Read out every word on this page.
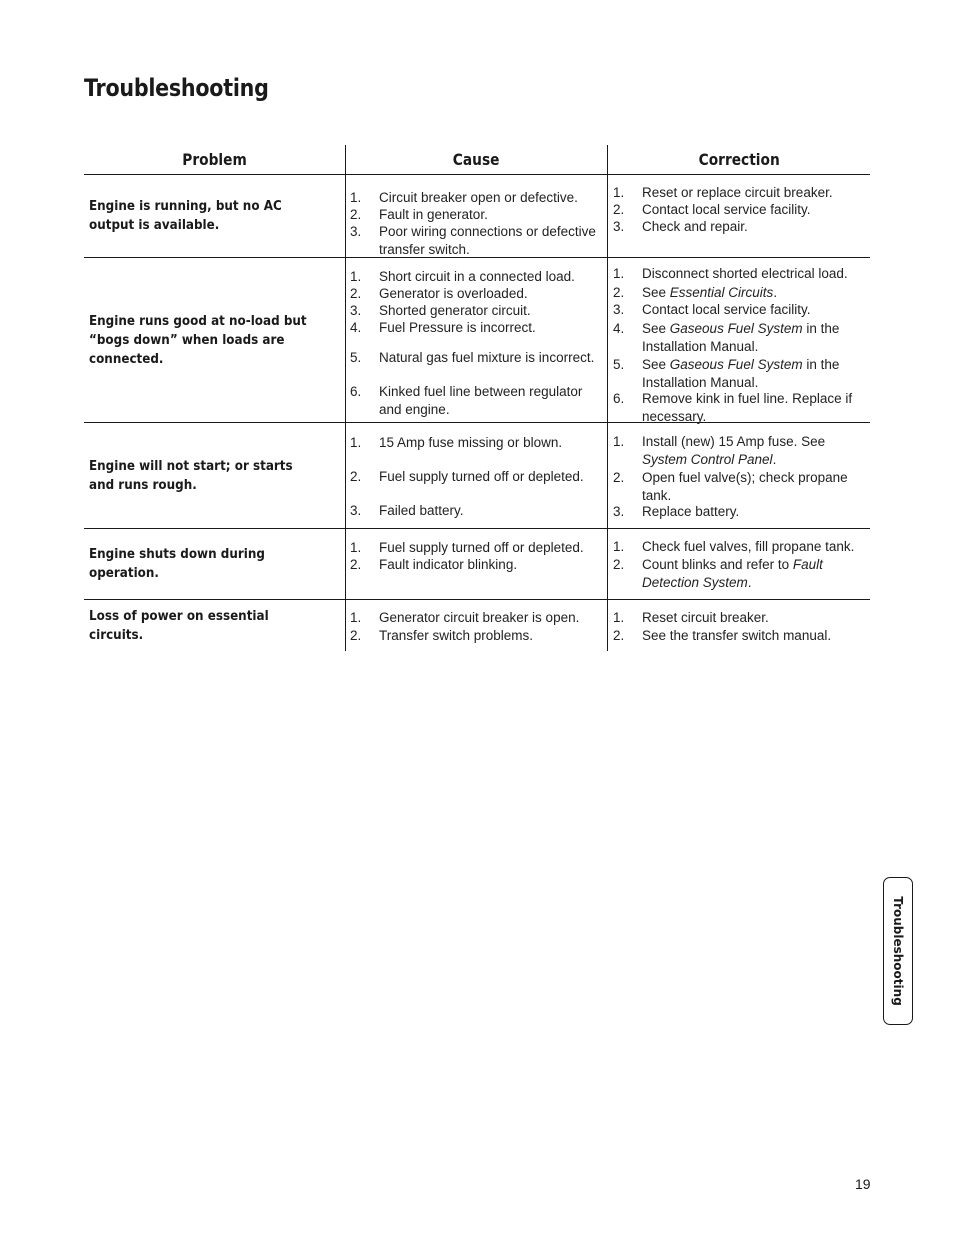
Troubleshooting
Problem	Cause	Correction
Engine is running, but no AC output is available.
1. Circuit breaker open or defective.
2. Fault in generator.
3. Poor wiring connections or defective transfer switch.
1. Reset or replace circuit breaker.
2. Contact local service facility.
3. Check and repair.
Engine runs good at no-load but “bogs down” when loads are connected.
1. Short circuit in a connected load.
2. Generator is overloaded.
3. Shorted generator circuit.
4. Fuel Pressure is incorrect.
5. Natural gas fuel mixture is incorrect.
6. Kinked fuel line between regulator and engine.
1. Disconnect shorted electrical load.
2. See Essential Circuits.
3. Contact local service facility.
4. See Gaseous Fuel System in the Installation Manual.
5. See Gaseous Fuel System in the Installation Manual.
6. Remove kink in fuel line. Replace if necessary.
Engine will not start; or starts and runs rough.
1. 15 Amp fuse missing or blown.
2. Fuel supply turned off or depleted.
3. Failed battery.
1. Install (new) 15 Amp fuse. See System Control Panel.
2. Open fuel valve(s); check propane tank.
3. Replace battery.
Engine shuts down during operation.
1. Fuel supply turned off or depleted.
2. Fault indicator blinking.
1. Check fuel valves, fill propane tank.
2. Count blinks and refer to Fault Detection System.
Loss of power on essential circuits.
1. Generator circuit breaker is open.
2. Transfer switch problems.
1. Reset circuit breaker.
2. See the transfer switch manual.
Troubleshooting
19
